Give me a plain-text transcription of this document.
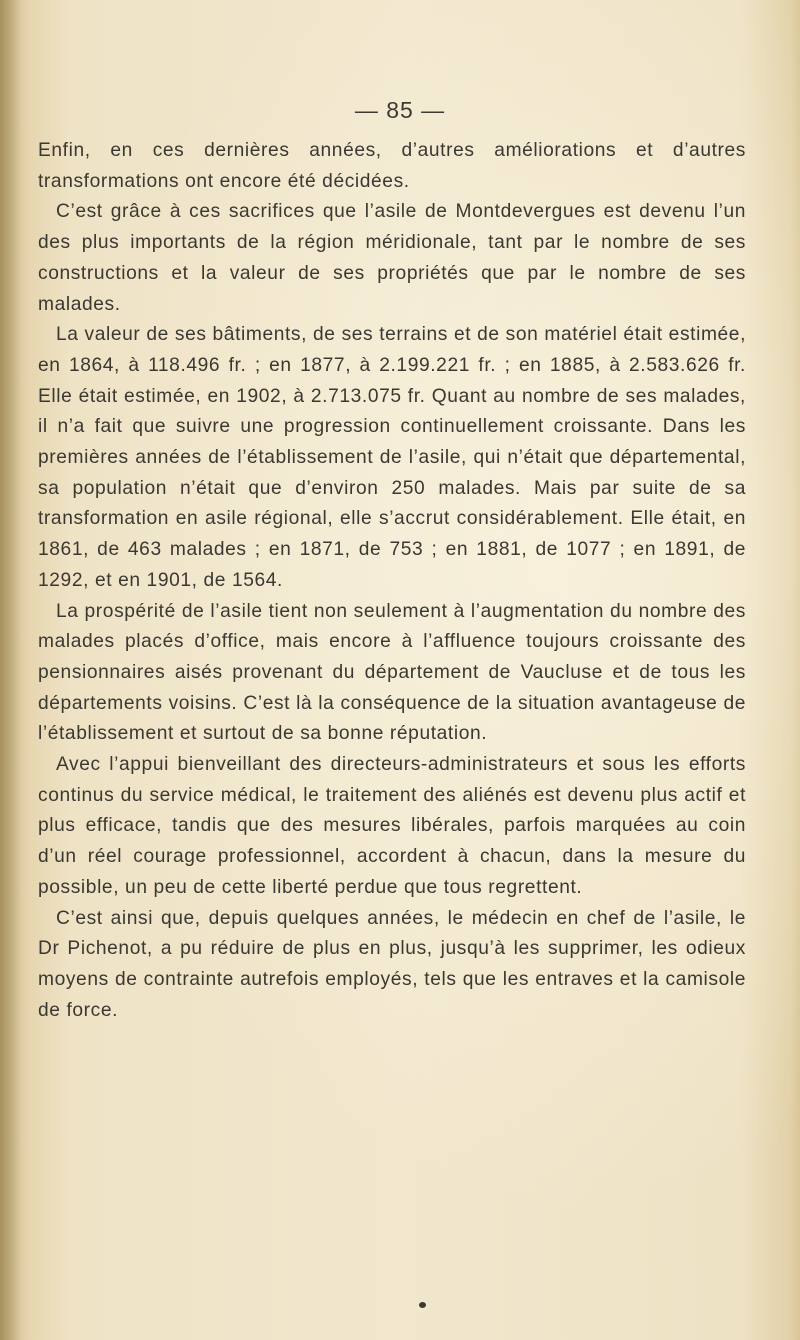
— 85 —

Enfin, en ces dernières années, d’autres améliorations et d’autres transformations ont encore été décidées.

C’est grâce à ces sacrifices que l’asile de Montdevergues est devenu l’un des plus importants de la région méridionale, tant par le nombre de ses constructions et la valeur de ses propriétés que par le nombre de ses malades.

La valeur de ses bâtiments, de ses terrains et de son matériel était estimée, en 1864, à 118.496 fr. ; en 1877, à 2.199.221 fr. ; en 1885, à 2.583.626 fr. Elle était estimée, en 1902, à 2.713.075 fr. Quant au nombre de ses malades, il n’a fait que suivre une progression continuellement croissante. Dans les premières années de l’établissement de l’asile, qui n’était que départemental, sa population n’était que d’environ 250 malades. Mais par suite de sa transformation en asile régional, elle s’accrut considérablement. Elle était, en 1861, de 463 malades ; en 1871, de 753 ; en 1881, de 1077 ; en 1891, de 1292, et en 1901, de 1564.

La prospérité de l’asile tient non seulement à l’augmentation du nombre des malades placés d’office, mais encore à l’affluence toujours croissante des pensionnaires aisés provenant du département de Vaucluse et de tous les départements voisins. C’est là la conséquence de la situation avantageuse de l’établissement et surtout de sa bonne réputation.

Avec l’appui bienveillant des directeurs-administrateurs et sous les efforts continus du service médical, le traitement des aliénés est devenu plus actif et plus efficace, tandis que des mesures libérales, parfois marquées au coin d’un réel courage professionnel, accordent à chacun, dans la mesure du possible, un peu de cette liberté perdue que tous regrettent.

C’est ainsi que, depuis quelques années, le médecin en chef de l’asile, le Dr Pichenot, a pu réduire de plus en plus, jusqu’à les supprimer, les odieux moyens de contrainte autrefois employés, tels que les entraves et la camisole de force.
